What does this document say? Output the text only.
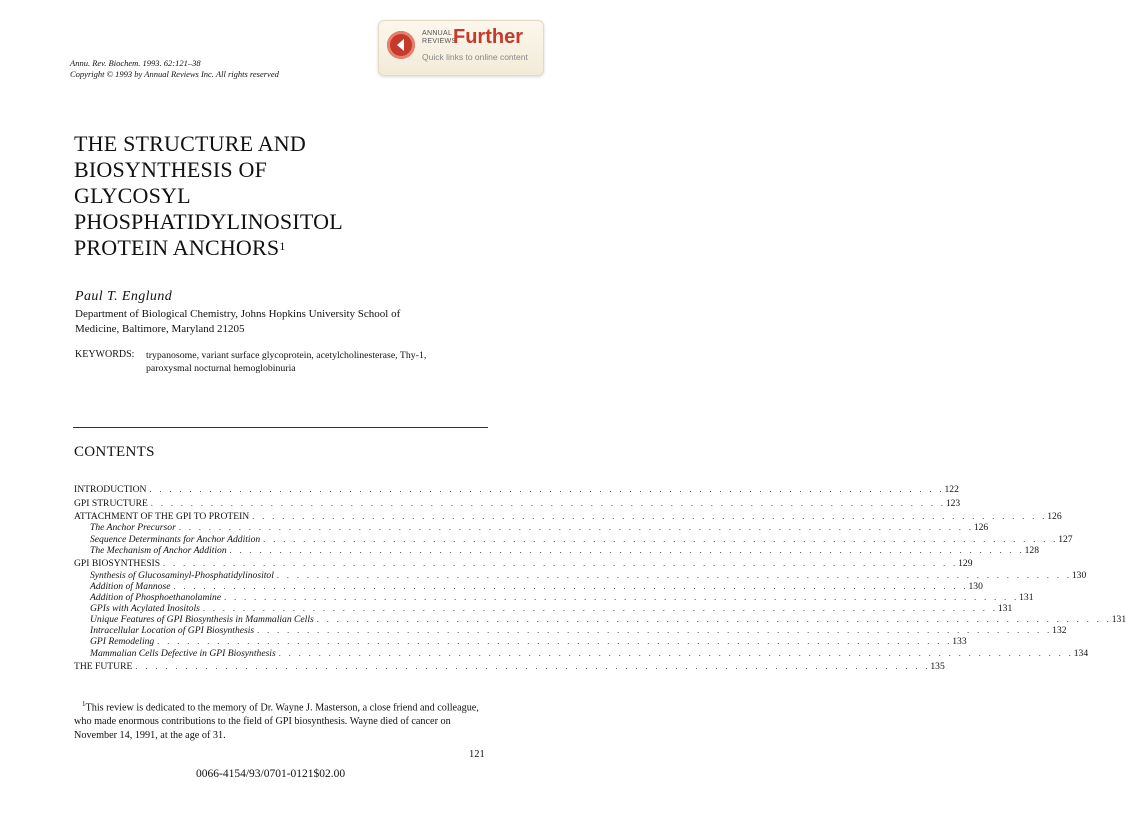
ANNUAL
REVIEWS
Further
Quick links to online content
Annu. Rev. Biochem. 1993. 62:121–38
Copyright © 1993 by Annual Reviews Inc. All rights reserved
THE STRUCTURE AND
BIOSYNTHESIS OF
GLYCOSYL
PHOSPHATIDYLINOSITOL
PROTEIN ANCHORS$^1$
Paul T. Englund
Department of Biological Chemistry, Johns Hopkins University School of
Medicine, Baltimore, Maryland 21205
KEYWORDS: trypanosome, variant surface glycoprotein, acetylcholinesterase, Thy-1, paroxysmal nocturnal hemoglobinuria
CONTENTS
INTRODUCTION . . . . . . . . . . . . . . . . . . . . . . . . . . . . . . . . . . . . . . . . . . . . . . . . . . . . . . . . . . . . . . . . . . . . . . . . . . . . . . . . 122
GPI STRUCTURE . . . . . . . . . . . . . . . . . . . . . . . . . . . . . . . . . . . . . . . . . . . . . . . . . . . . . . . . . . . . . . . . . . . . . . . . . . . . . . . . 123
ATTACHMENT OF THE GPI TO PROTEIN . . . . . . . . . . . . . . . . . . . . . . . . . . . . . . . . . . . . . . . . . . . . . . . . . . . . . . . . . . . . . . . . . . . . . . . . . . . . . . . . 126
The Anchor Precursor . . . . . . . . . . . . . . . . . . . . . . . . . . . . . . . . . . . . . . . . . . . . . . . . . . . . . . . . . . . . . . . . . . . . . . . . . . . . . . . . 126
Sequence Determinants for Anchor Addition . . . . . . . . . . . . . . . . . . . . . . . . . . . . . . . . . . . . . . . . . . . . . . . . . . . . . . . . . . . . . . . . . . . . . . . . . . . . . . . . 127
The Mechanism of Anchor Addition . . . . . . . . . . . . . . . . . . . . . . . . . . . . . . . . . . . . . . . . . . . . . . . . . . . . . . . . . . . . . . . . . . . . . . . . . . . . . . . . 128
GPI BIOSYNTHESIS . . . . . . . . . . . . . . . . . . . . . . . . . . . . . . . . . . . . . . . . . . . . . . . . . . . . . . . . . . . . . . . . . . . . . . . . . . . . . . . . 129
Synthesis of Glucosaminyl-Phosphatidylinositol . . . . . . . . . . . . . . . . . . . . . . . . . . . . . . . . . . . . . . . . . . . . . . . . . . . . . . . . . . . . . . . . . . . . . . . . . . . . . . . . 130
Addition of Mannose . . . . . . . . . . . . . . . . . . . . . . . . . . . . . . . . . . . . . . . . . . . . . . . . . . . . . . . . . . . . . . . . . . . . . . . . . . . . . . . . 130
Addition of Phosphoethanolamine . . . . . . . . . . . . . . . . . . . . . . . . . . . . . . . . . . . . . . . . . . . . . . . . . . . . . . . . . . . . . . . . . . . . . . . . . . . . . . . . 131
GPIs with Acylated Inositols . . . . . . . . . . . . . . . . . . . . . . . . . . . . . . . . . . . . . . . . . . . . . . . . . . . . . . . . . . . . . . . . . . . . . . . . . . . . . . . . 131
Unique Features of GPI Biosynthesis in Mammalian Cells . . . . . . . . . . . . . . . . . . . . . . . . . . . . . . . . . . . . . . . . . . . . . . . . . . . . . . . . . . . . . . . . . . . . . . . . . . . . . . . . 131
Intracellular Location of GPI Biosynthesis . . . . . . . . . . . . . . . . . . . . . . . . . . . . . . . . . . . . . . . . . . . . . . . . . . . . . . . . . . . . . . . . . . . . . . . . . . . . . . . . 132
GPI Remodeling . . . . . . . . . . . . . . . . . . . . . . . . . . . . . . . . . . . . . . . . . . . . . . . . . . . . . . . . . . . . . . . . . . . . . . . . . . . . . . . . 133
Mammalian Cells Defective in GPI Biosynthesis . . . . . . . . . . . . . . . . . . . . . . . . . . . . . . . . . . . . . . . . . . . . . . . . . . . . . . . . . . . . . . . . . . . . . . . . . . . . . . . . 134
THE FUTURE . . . . . . . . . . . . . . . . . . . . . . . . . . . . . . . . . . . . . . . . . . . . . . . . . . . . . . . . . . . . . . . . . . . . . . . . . . . . . . . . 135
$^1$This review is dedicated to the memory of Dr. Wayne J. Masterson, a close friend and colleague, who made enormous contributions to the field of GPI biosynthesis. Wayne died of cancer on November 14, 1991, at the age of 31.
121
0066-4154/93/0701-0121$02.00
